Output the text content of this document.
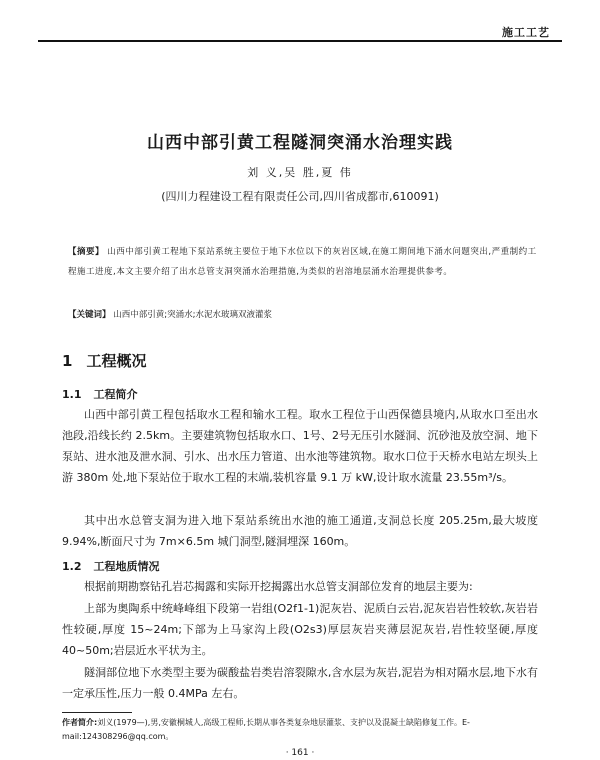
施工工艺
山西中部引黄工程隧洞突涌水治理实践
刘 义,吴 胜,夏 伟
(四川力程建设工程有限责任公司,四川省成都市,610091)
【摘要】 山西中部引黄工程地下泵站系统主要位于地下水位以下的灰岩区域,在施工期间地下涌水问题突出,严重制约工程施工进度,本文主要介绍了出水总管支洞突涌水治理措施,为类似的岩溶地层涌水治理提供参考。
【关键词】 山西中部引黄;突涌水;水泥水玻璃双液灌浆
1 工程概况
1.1 工程简介
山西中部引黄工程包括取水工程和输水工程。取水工程位于山西保德县境内,从取水口至出水池段,沿线长约 2.5km。主要建筑物包括取水口、1号、2号无压引水隧洞、沉砂池及放空洞、地下泵站、进水池及泄水洞、引水、出水压力管道、出水池等建筑物。取水口位于天桥水电站左坝头上游 380m 处,地下泵站位于取水工程的末端,装机容量 9.1 万 kW,设计取水流量 23.55m³/s。
其中出水总管支洞为进入地下泵站系统出水池的施工通道,支洞总长度 205.25m,最大坡度 9.94%,断面尺寸为 7m×6.5m 城门洞型,隧洞埋深 160m。
1.2 工程地质情况
根据前期勘察钻孔岩芯揭露和实际开挖揭露出水总管支洞部位发育的地层主要为:
上部为奥陶系中统峰峰组下段第一岩组(O2f1-1)泥灰岩、泥质白云岩,泥灰岩岩性较软,灰岩岩性较硬,厚度 15~24m;下部为上马家沟上段(O2s3)厚层灰岩夹薄层泥灰岩,岩性较坚硬,厚度 40~50m;岩层近水平状为主。
隧洞部位地下水类型主要为碳酸盐岩类岩溶裂隙水,含水层为灰岩,泥岩为相对隔水层,地下水有一定承压性,压力一般 0.4MPa 左右。
作者简介:刘义(1979—),男,安徽桐城人,高级工程师,长期从事各类复杂地层灌浆、支护以及混凝土缺陷修复工作。E-mail:124308296@qq.com。
· 161 ·
